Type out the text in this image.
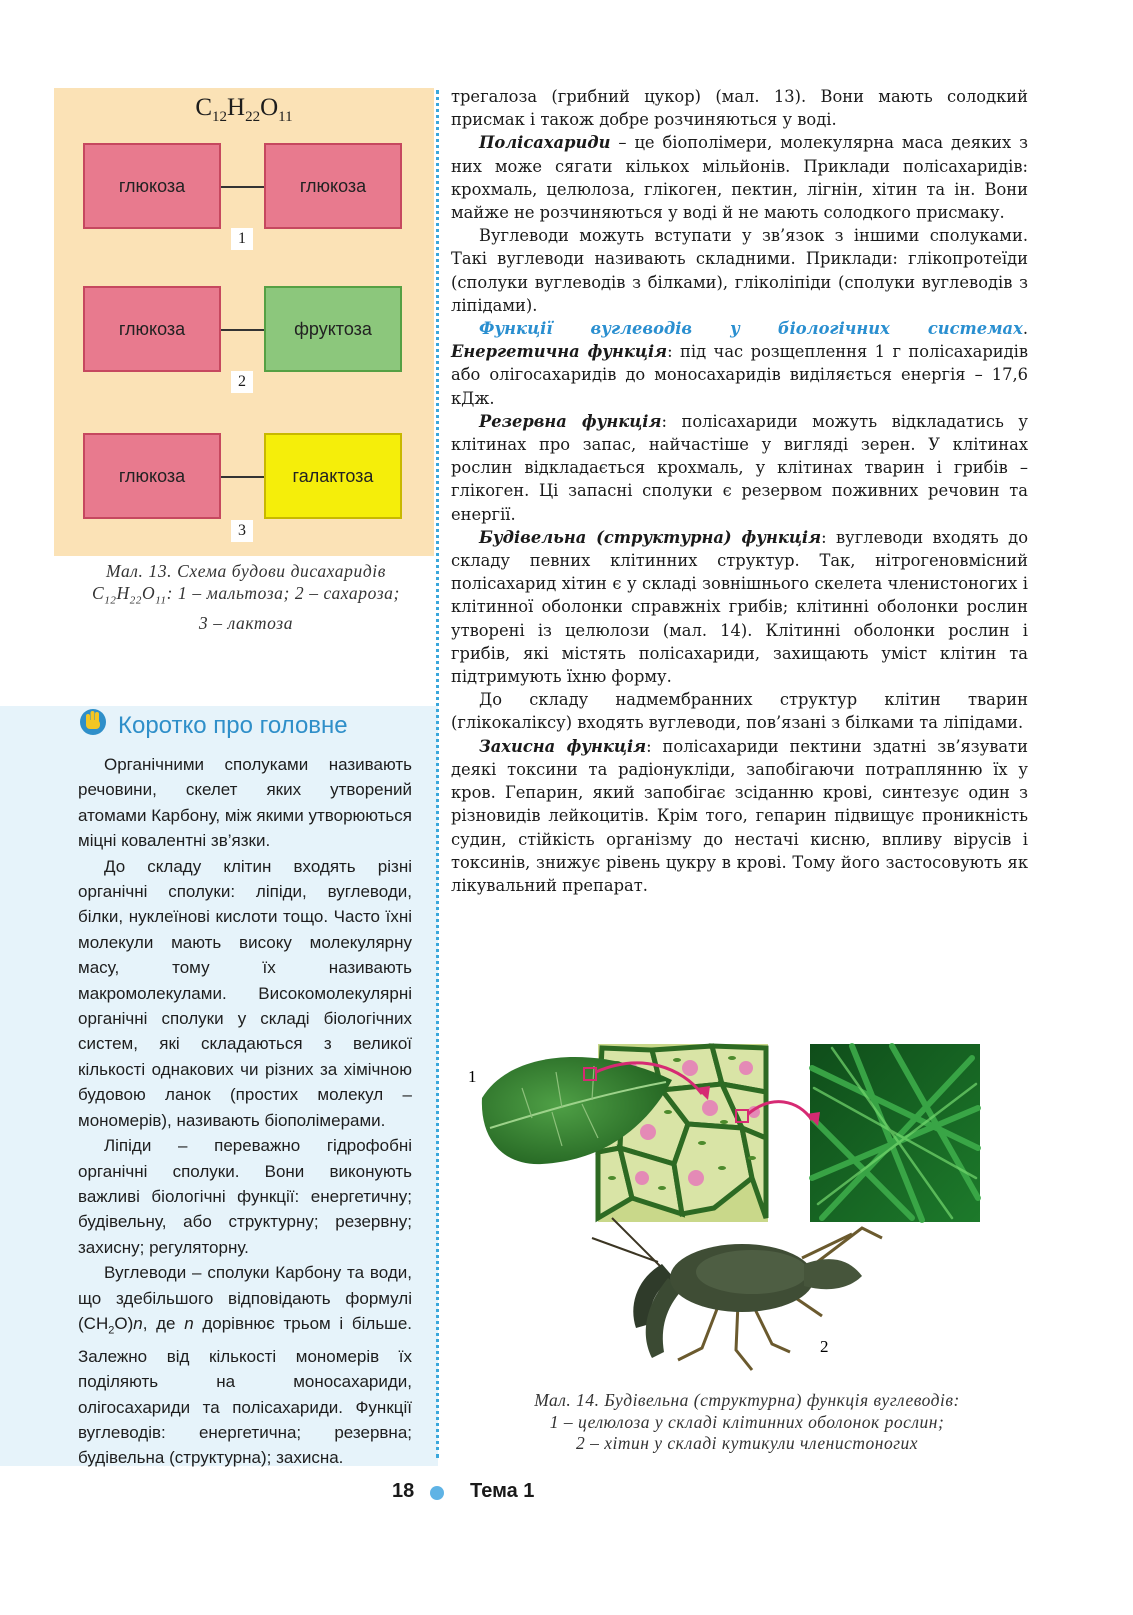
$C_{12}H_{22}O_{11}$
глюкоза	глюкоза
1
глюкоза	фруктоза
2
глюкоза	галактоза
3
Мал. 13. Схема будови дисахаридів
$C_{12}H_{22}O_{11}$: 1 – мальтоза; 2 – сахароза;
3 – лактоза
Коротко про головне

Органічними сполуками називають речовини, скелет яких утворений атомами Карбону, між якими утворюються міцні ковалентні зв’язки.

До складу клітин входять різні органічні сполуки: ліпіди, вуглеводи, білки, нуклеїнові кислоти тощо. Часто їхні молекули мають високу молекулярну масу, тому їх називають макромолекулами. Високомолекулярні органічні сполуки у складі біологічних систем, які складаються з великої кількості однакових чи різних за хімічною будовою ланок (простих молекул – мономерів), називають біополімерами.

Ліпіди – переважно гідрофобні органічні сполуки. Вони виконують важливі біологічні функції: енергетичну; будівельну, або структурну; резервну; захисну; регуляторну.

Вуглеводи – сполуки Карбону та води, що здебільшого відповідають формулі $(CH_2O)n$, де n дорівнює трьом і більше. Залежно від кількості мономерів їх поділяють на моносахариди, олігосахариди та полісахариди. Функції вуглеводів: енергетична; резервна; будівельна (структурна); захисна.

трегалоза (грибний цукор) (мал. 13). Вони мають солодкий присмак і також добре розчиняються у воді.

Полісахариди – це біополімери, молекулярна маса деяких з них може сягати кількох мільйонів. Приклади полісахаридів: крохмаль, целюлоза, глікоген, пектин, лігнін, хітин та ін. Вони майже не розчиняються у воді й не мають солодкого присмаку.

Вуглеводи можуть вступати у зв’язок з іншими сполуками. Такі вуглеводи називають складними. Приклади: глікопротеїди (сполуки вуглеводів з білками), гліколіпіди (сполуки вуглеводів з ліпідами).

Функції вуглеводів у біологічних системах. Енергетична функція: під час розщеплення 1 г полісахаридів або олігосахаридів до моносахаридів виділяється енергія – 17,6 кДж.

Резервна функція: полісахариди можуть відкладатись у клітинах про запас, найчастіше у вигляді зерен. У клітинах рослин відкладається крохмаль, у клітинах тварин і грибів – глікоген. Ці запасні сполуки є резервом поживних речовин та енергії.

Будівельна (структурна) функція: вуглеводи входять до складу певних клітинних структур. Так, нітрогеновмісний полісахарид хітин є у складі зовнішнього скелета членистоногих і клітинної оболонки справжніх грибів; клітинні оболонки рослин утворені із целюлози (мал. 14). Клітинні оболонки рослин і грибів, які містять полісахариди, захищають уміст клітин та підтримують їхню форму.

До складу надмембранних структур клітин тварин (глікокаліксу) входять вуглеводи, пов’язані з білками та ліпідами.

Захисна функція: полісахариди пектини здатні зв’язувати деякі токсини та радіонукліди, запобігаючи потраплянню їх у кров. Гепарин, який запобігає зсіданню крові, синтезує один з різновидів лейкоцитів. Крім того, гепарин підвищує проникність судин, стійкість організму до нестачі кисню, впливу вірусів і токсинів, знижує рівень цукру в крові. Тому його застосовують як лікувальний препарат.

1
2
Мал. 14. Будівельна (структурна) функція вуглеводів:
1 – целюлоза у складі клітинних оболонок рослин;
2 – хітин у складі кутикули членистоногих
18	Тема 1
